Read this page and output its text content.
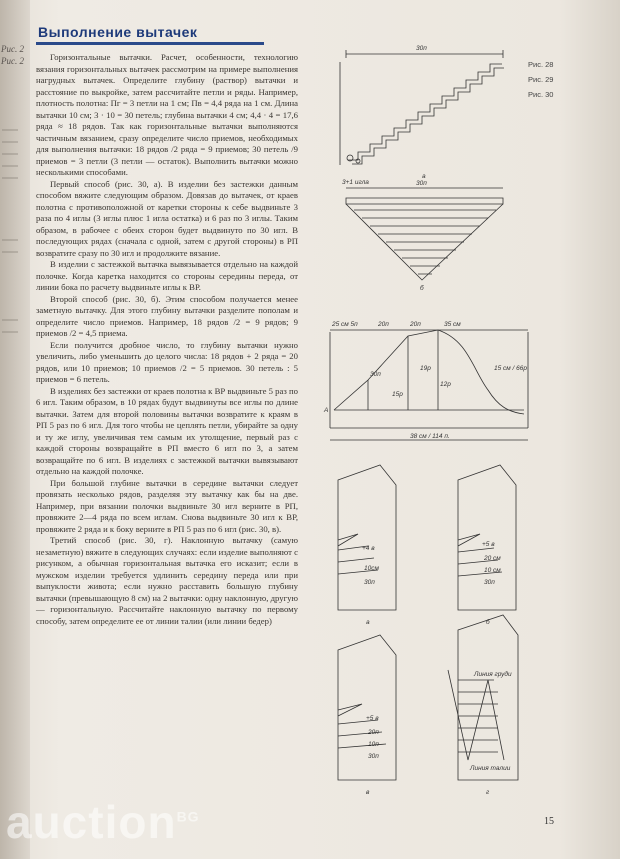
Рис. 2
Рис. 2
Выполнение вытачек
Рис. 28
Рис. 29
Рис. 30

Горизонтальные вытачки. Расчет, особенности, технологию вязания горизонтальных вытачек рассмотрим на примере выполнения нагрудных вытачек. Определите глубину (раствор) вытачки и расстояние по выкройке, затем рассчитайте петли и ряды. Например, плотность полотна: Пг = 3 петли на 1 см; Пв = 4,4 ряда на 1 см. Длина вытачки 10 см; 3 · 10 = 30 петель; глубина вытачки 4 см; 4,4 · 4 = 17,6 ряда ≈ 18 рядов. Так как горизонтальные вытачки выполняются частичным вязанием, сразу определите число приемов, необходимых для выполнения вытачки: 18 рядов /2 ряда = 9 приемов; 30 петель /9 приемов = 3 петли (3 петли — остаток). Выполнить вытачки можно несколькими способами.

Первый способ (рис. 30, а). В изделии без застежки данным способом вяжите следующим образом. Довязав до вытачек, от краев полотна с противоположной от каретки стороны к себе выдвиньте 3 раза по 4 иглы (3 иглы плюс 1 игла остатка) и 6 раз по 3 иглы. Таким образом, в рабочее с обеих сторон будет выдвинуто по 30 игл. В последующих рядах (сначала с одной, затем с другой стороны) в РП возвратите сразу по 30 игл и продолжите вязание.

В изделии с застежкой вытачка вывязывается отдельно на каждой полочке. Когда каретка находится со стороны середины переда, от линии бока по расчету выдвиньте иглы к ВР.

Второй способ (рис. 30, б). Этим способом получается менее заметную вытачку. Для этого глубину вытачки разделите пополам и определите число приемов. Например, 18 рядов /2 = 9 рядов; 9 приемов /2 = 4,5 приема.

Если получится дробное число, то глубину вытачки нужно увеличить, либо уменьшить до целого числа: 18 рядов + 2 ряда = 20 рядов, или 10 приемов; 10 приемов /2 = 5 приемов. 30 петель : 5 приемов = 6 петель.

В изделиях без застежки от краев полотна к ВР выдвиньте 5 раз по 6 игл. Таким образом, в 10 рядах будут выдвинуты все иглы по длине вытачки. Затем для второй половины вытачки возвратите к краям в РП 5 раз по 6 игл. Для того чтобы не цеплять петли, убирайте за одну и ту же иглу, увеличивая тем самым их утолщение, первый раз с каждой стороны возвращайте в РП вместо 6 игл по 3, а затем возвращайте по 6 игл. В изделиях с застежкой вытачки вывязывают отдельно на каждой полочке.

При большой глубине вытачки в середине вытачки следует провязать несколько рядов, разделяя эту вытачку как бы на две. Например, при вязании полочки выдвиньте 30 игл верните в РП, провяжите 2—4 ряда по всем иглам. Снова выдвиньте 30 игл к ВР, провяжите 2 ряда и к боку верните в РП 5 раз по 6 игл (рис. 30, в).

Третий способ (рис. 30, г). Наклонную вытачку (самую незаметную) вяжите в следующих случаях: если изделие выполняют с рисунком, а обычная горизонтальная вытачка его исказит; если в мужском изделии требуется удлинить середину переда или при выпуклости живота; если нужно расставить большую глубину вытачки (превышающую 8 см) на 2 вытачки: одну наклонную, другую — горизонтальную. Рассчитайте наклонную вытачку по первому способу, затем определите ее от линии талии (или линии бедер)

30п
а
30п
3+1 игла
б
25 см 5п	20п	20п	35 см
38 см / 114 п.
30п
15р
19р
12р
15 см / 66р
А
+4 в
10см
30п
а
+5 в
20 см
10 см
30п
б
+5 в
20п
10п
30п
в
Линия груди
Линия талии
г
15
auction$^{BG}$
